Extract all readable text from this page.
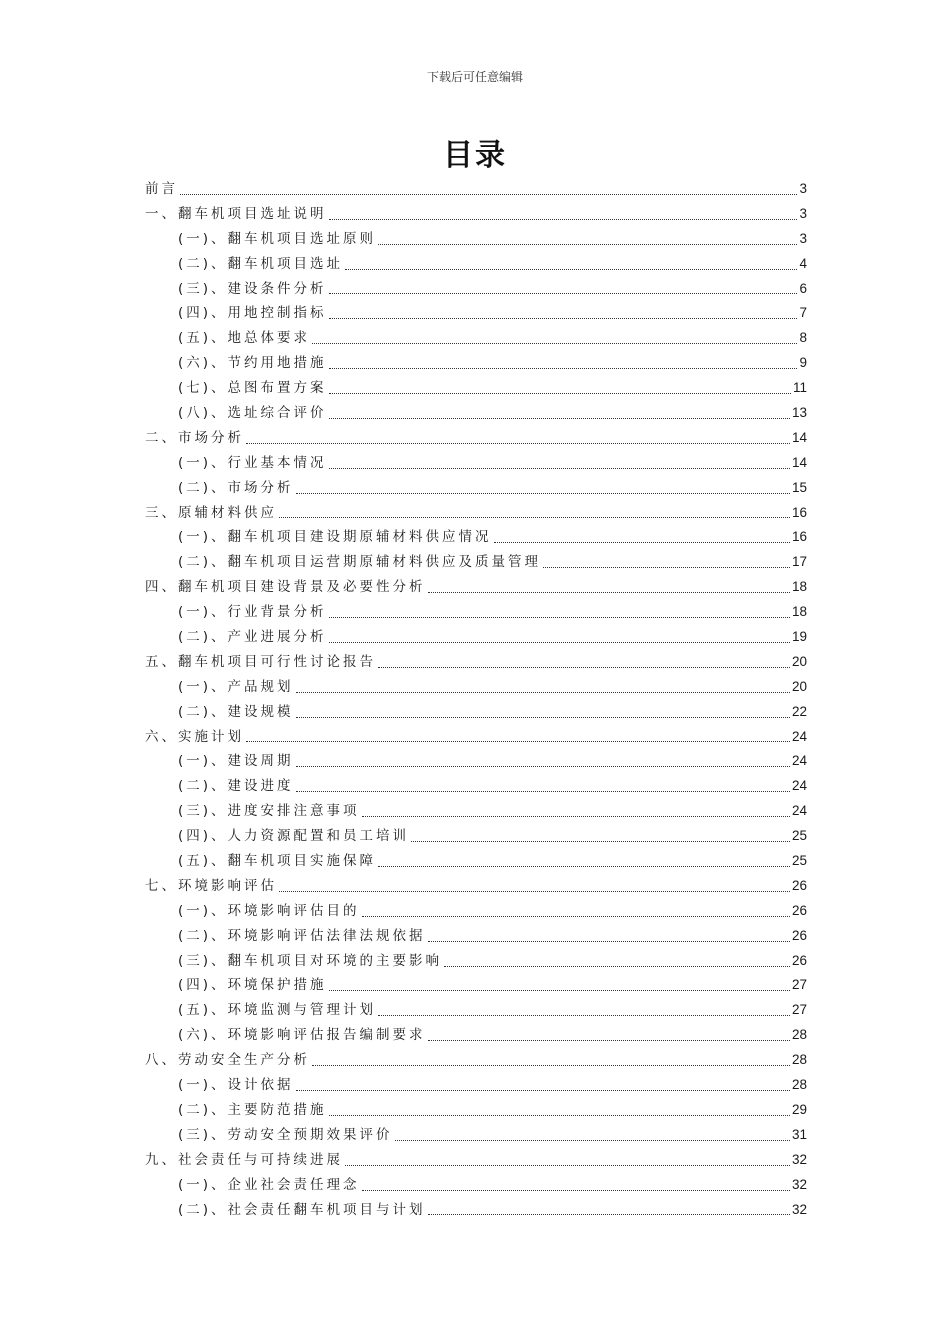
下载后可任意编辑
目录
前言	3
一、翻车机项目选址说明	3
(一)、翻车机项目选址原则	3
(二)、翻车机项目选址	4
(三)、建设条件分析	6
(四)、用地控制指标	7
(五)、地总体要求	8
(六)、节约用地措施	9
(七)、总图布置方案	11
(八)、选址综合评价	13
二、市场分析	14
(一)、行业基本情况	14
(二)、市场分析	15
三、原辅材料供应	16
(一)、翻车机项目建设期原辅材料供应情况	16
(二)、翻车机项目运营期原辅材料供应及质量管理	17
四、翻车机项目建设背景及必要性分析	18
(一)、行业背景分析	18
(二)、产业进展分析	19
五、翻车机项目可行性讨论报告	20
(一)、产品规划	20
(二)、建设规模	22
六、实施计划	24
(一)、建设周期	24
(二)、建设进度	24
(三)、进度安排注意事项	24
(四)、人力资源配置和员工培训	25
(五)、翻车机项目实施保障	25
七、环境影响评估	26
(一)、环境影响评估目的	26
(二)、环境影响评估法律法规依据	26
(三)、翻车机项目对环境的主要影响	26
(四)、环境保护措施	27
(五)、环境监测与管理计划	27
(六)、环境影响评估报告编制要求	28
八、劳动安全生产分析	28
(一)、设计依据	28
(二)、主要防范措施	29
(三)、劳动安全预期效果评价	31
九、社会责任与可持续进展	32
(一)、企业社会责任理念	32
(二)、社会责任翻车机项目与计划	32
